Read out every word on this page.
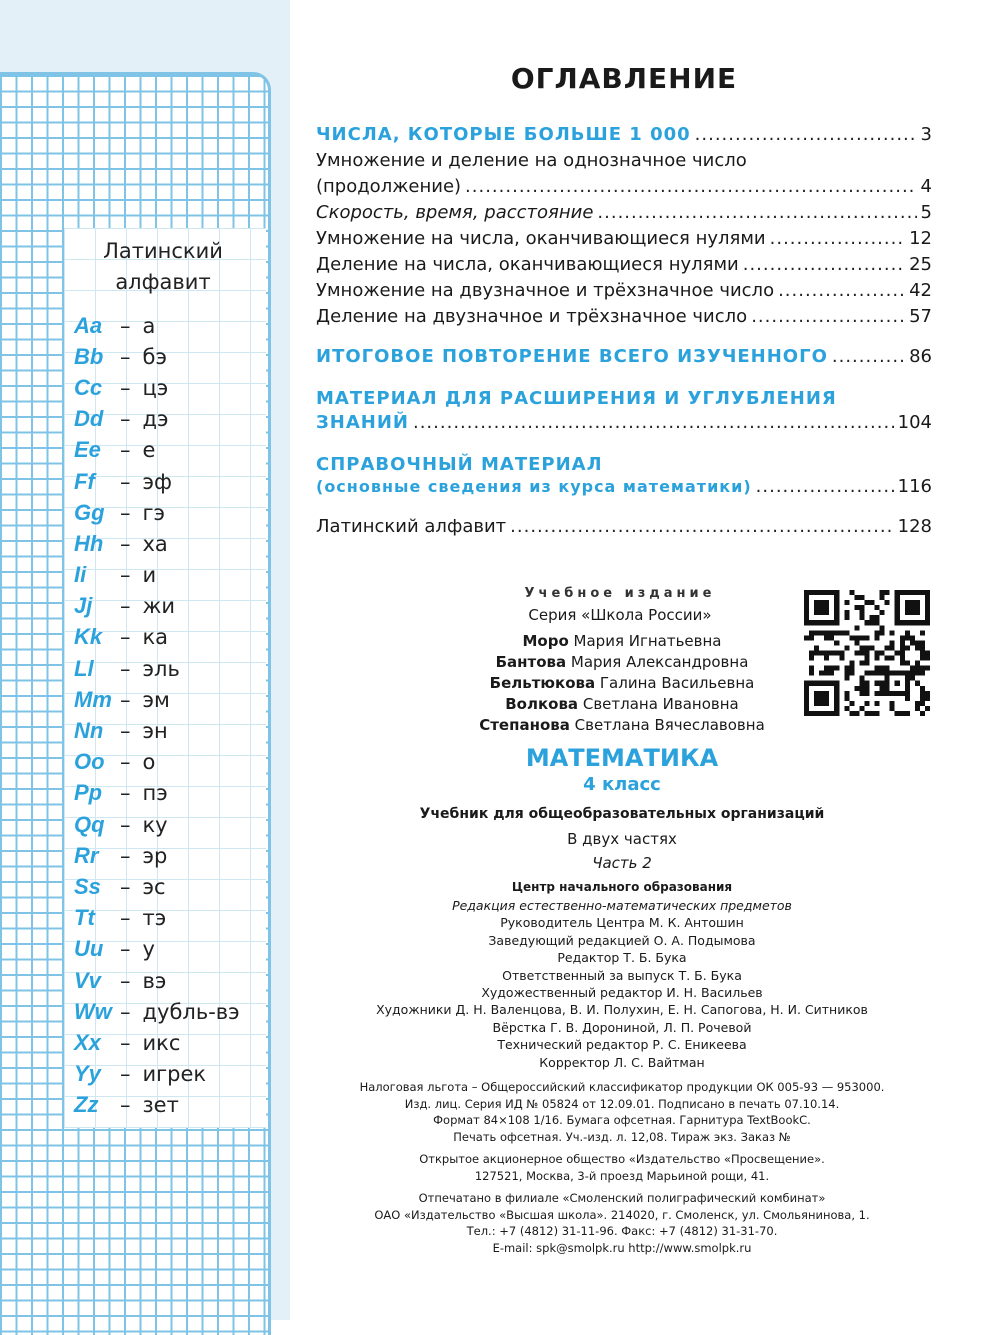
Латинский
алфавит
Aa – а
Bb – бэ
Cc – цэ
Dd – дэ
Ee – е
Ff	– эф
Gg – гэ
Hh – ха
Ii	– и
Jj	– жи
Kk – ка
Ll	– эль
Mm – эм
Nn – эн
Oo – о
Pp – пэ
Qq – ку
Rr	– эр
Ss – эс
Tt	– тэ
Uu – у
Vv – вэ
Ww – дубль-вэ
Xx – икс
Yy – игрек
Zz	– зет
ОГЛАВЛЕНИЕ
ЧИСЛА, КОТОРЫЕ БОЛЬШЕ 1 000 .....	3
Умножение и деление на однозначное число
(продолжение) .....	4
Скорость, время, расстояние .....	5
Умножение на числа, оканчивающиеся нулями .....	12
Деление на числа, оканчивающиеся нулями .....	25
Умножение на двузначное и трёхзначное число .....	42
Деление на двузначное и трёхзначное число .....	57
ИТОГОВОЕ ПОВТОРЕНИЕ ВСЕГО ИЗУЧЕННОГО .....	86
МАТЕРИАЛ ДЛЯ РАСШИРЕНИЯ И УГЛУБЛЕНИЯ
ЗНАНИЙ .....	104
СПРАВОЧНЫЙ МАТЕРИАЛ
(основные сведения из курса математики) .....	116
Латинский алфавит .....	128
Учебное издание
Серия «Школа России»
Моро Мария Игнатьевна
Бантова Мария Александровна
Бельтюкова Галина Васильевна
Волкова Светлана Ивановна
Степанова Светлана Вячеславовна
МАТЕМАТИКА
4 класс
Учебник для общеобразовательных организаций
В двух частях
Часть 2
Центр начального образования
Редакция естественно-математических предметов
Руководитель Центра М. К. Антошин
Заведующий редакцией О. А. Подымова
Редактор Т. Б. Бука
Ответственный за выпуск Т. Б. Бука
Художественный редактор И. Н. Васильев
Художники Д. Н. Валенцова, В. И. Полухин, Е. Н. Сапогова, Н. И. Ситников
Вёрстка Г. В. Дорониной, Л. П. Рочевой
Технический редактор Р. С. Еникеева
Корректор Л. С. Вайтман
Налоговая льгота – Общероссийский классификатор продукции ОК 005-93 — 953000.
Изд. лиц. Серия ИД № 05824 от 12.09.01. Подписано в печать 07.10.14.
Формат 84×108 1/16. Бумага офсетная. Гарнитура TextBookC.
Печать офсетная. Уч.-изд. л. 12,08. Тираж экз. Заказ №
Открытое акционерное общество «Издательство «Просвещение».
127521, Москва, 3-й проезд Марьиной рощи, 41.
Отпечатано в филиале «Смоленский полиграфический комбинат»
ОАО «Издательство «Высшая школа». 214020, г. Смоленск, ул. Смольянинова, 1.
Тел.: +7 (4812) 31-11-96. Факс: +7 (4812) 31-31-70.
E-mail: spk@smolpk.ru http://www.smolpk.ru
